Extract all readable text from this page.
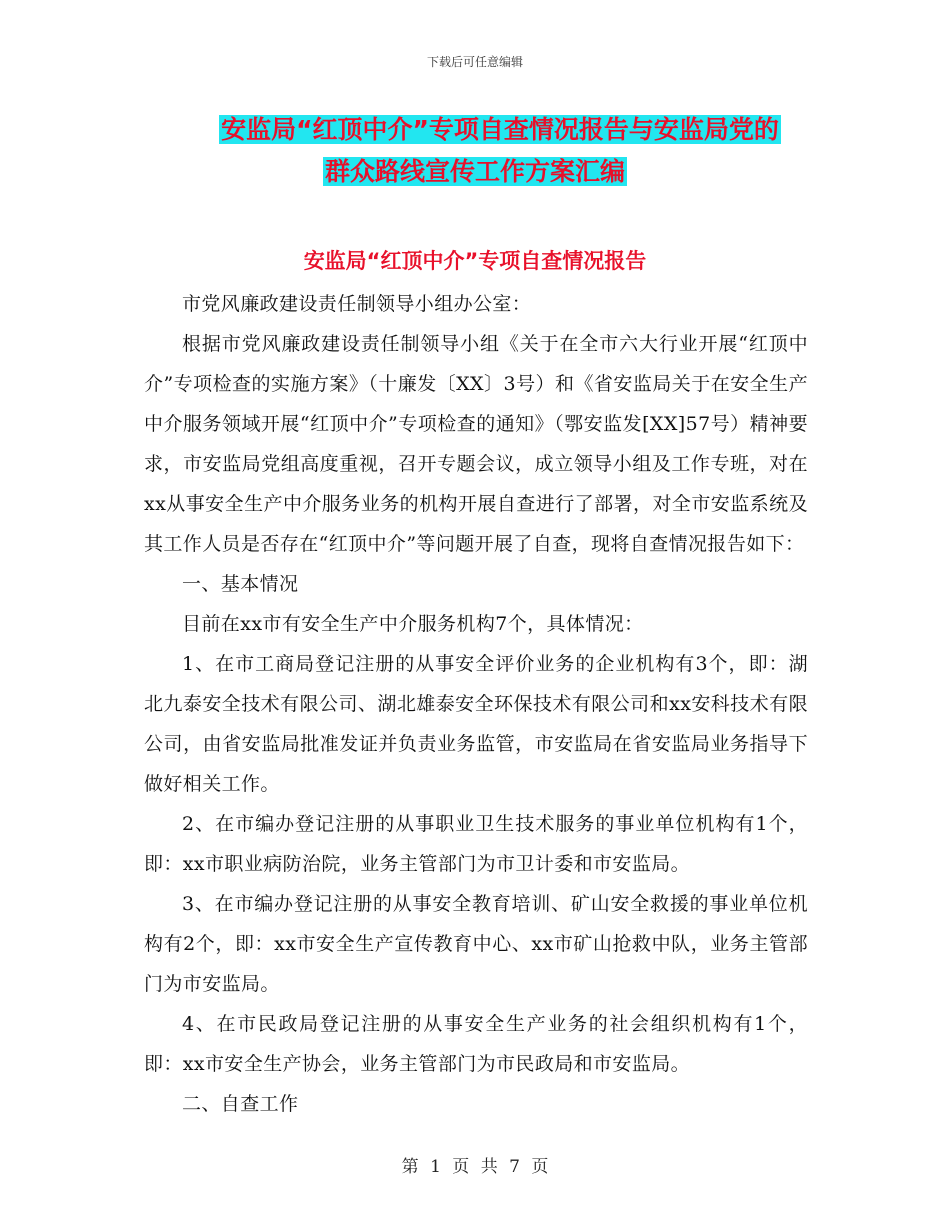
下载后可任意编辑
安监局“红顶中介”专项自查情况报告与安监局党的
群众路线宣传工作方案汇编
安监局“红顶中介”专项自查情况报告

市党风廉政建设责任制领导小组办公室：

根据市党风廉政建设责任制领导小组《关于在全市六大行业开展“红顶中介”专项检查的实施方案》（十廉发〔XX〕3号）和《省安监局关于在安全生产中介服务领域开展“红顶中介”专项检查的通知》（鄂安监发[XX]57号）精神要求，市安监局党组高度重视，召开专题会议，成立领导小组及工作专班，对在xx从事安全生产中介服务业务的机构开展自查进行了部署，对全市安监系统及其工作人员是否存在“红顶中介”等问题开展了自查，现将自查情况报告如下：

一、基本情况

目前在xx市有安全生产中介服务机构7个，具体情况：

1、在市工商局登记注册的从事安全评价业务的企业机构有3个，即：湖北九泰安全技术有限公司、湖北雄泰安全环保技术有限公司和xx安科技术有限公司，由省安监局批准发证并负责业务监管，市安监局在省安监局业务指导下做好相关工作。

2、在市编办登记注册的从事职业卫生技术服务的事业单位机构有1个，即：xx市职业病防治院，业务主管部门为市卫计委和市安监局。

3、在市编办登记注册的从事安全教育培训、矿山安全救援的事业单位机构有2个，即：xx市安全生产宣传教育中心、xx市矿山抢救中队，业务主管部门为市安监局。

4、在市民政局登记注册的从事安全生产业务的社会组织机构有1个，即：xx市安全生产协会，业务主管部门为市民政局和市安监局。

二、自查工作

第 1 页 共 7 页
